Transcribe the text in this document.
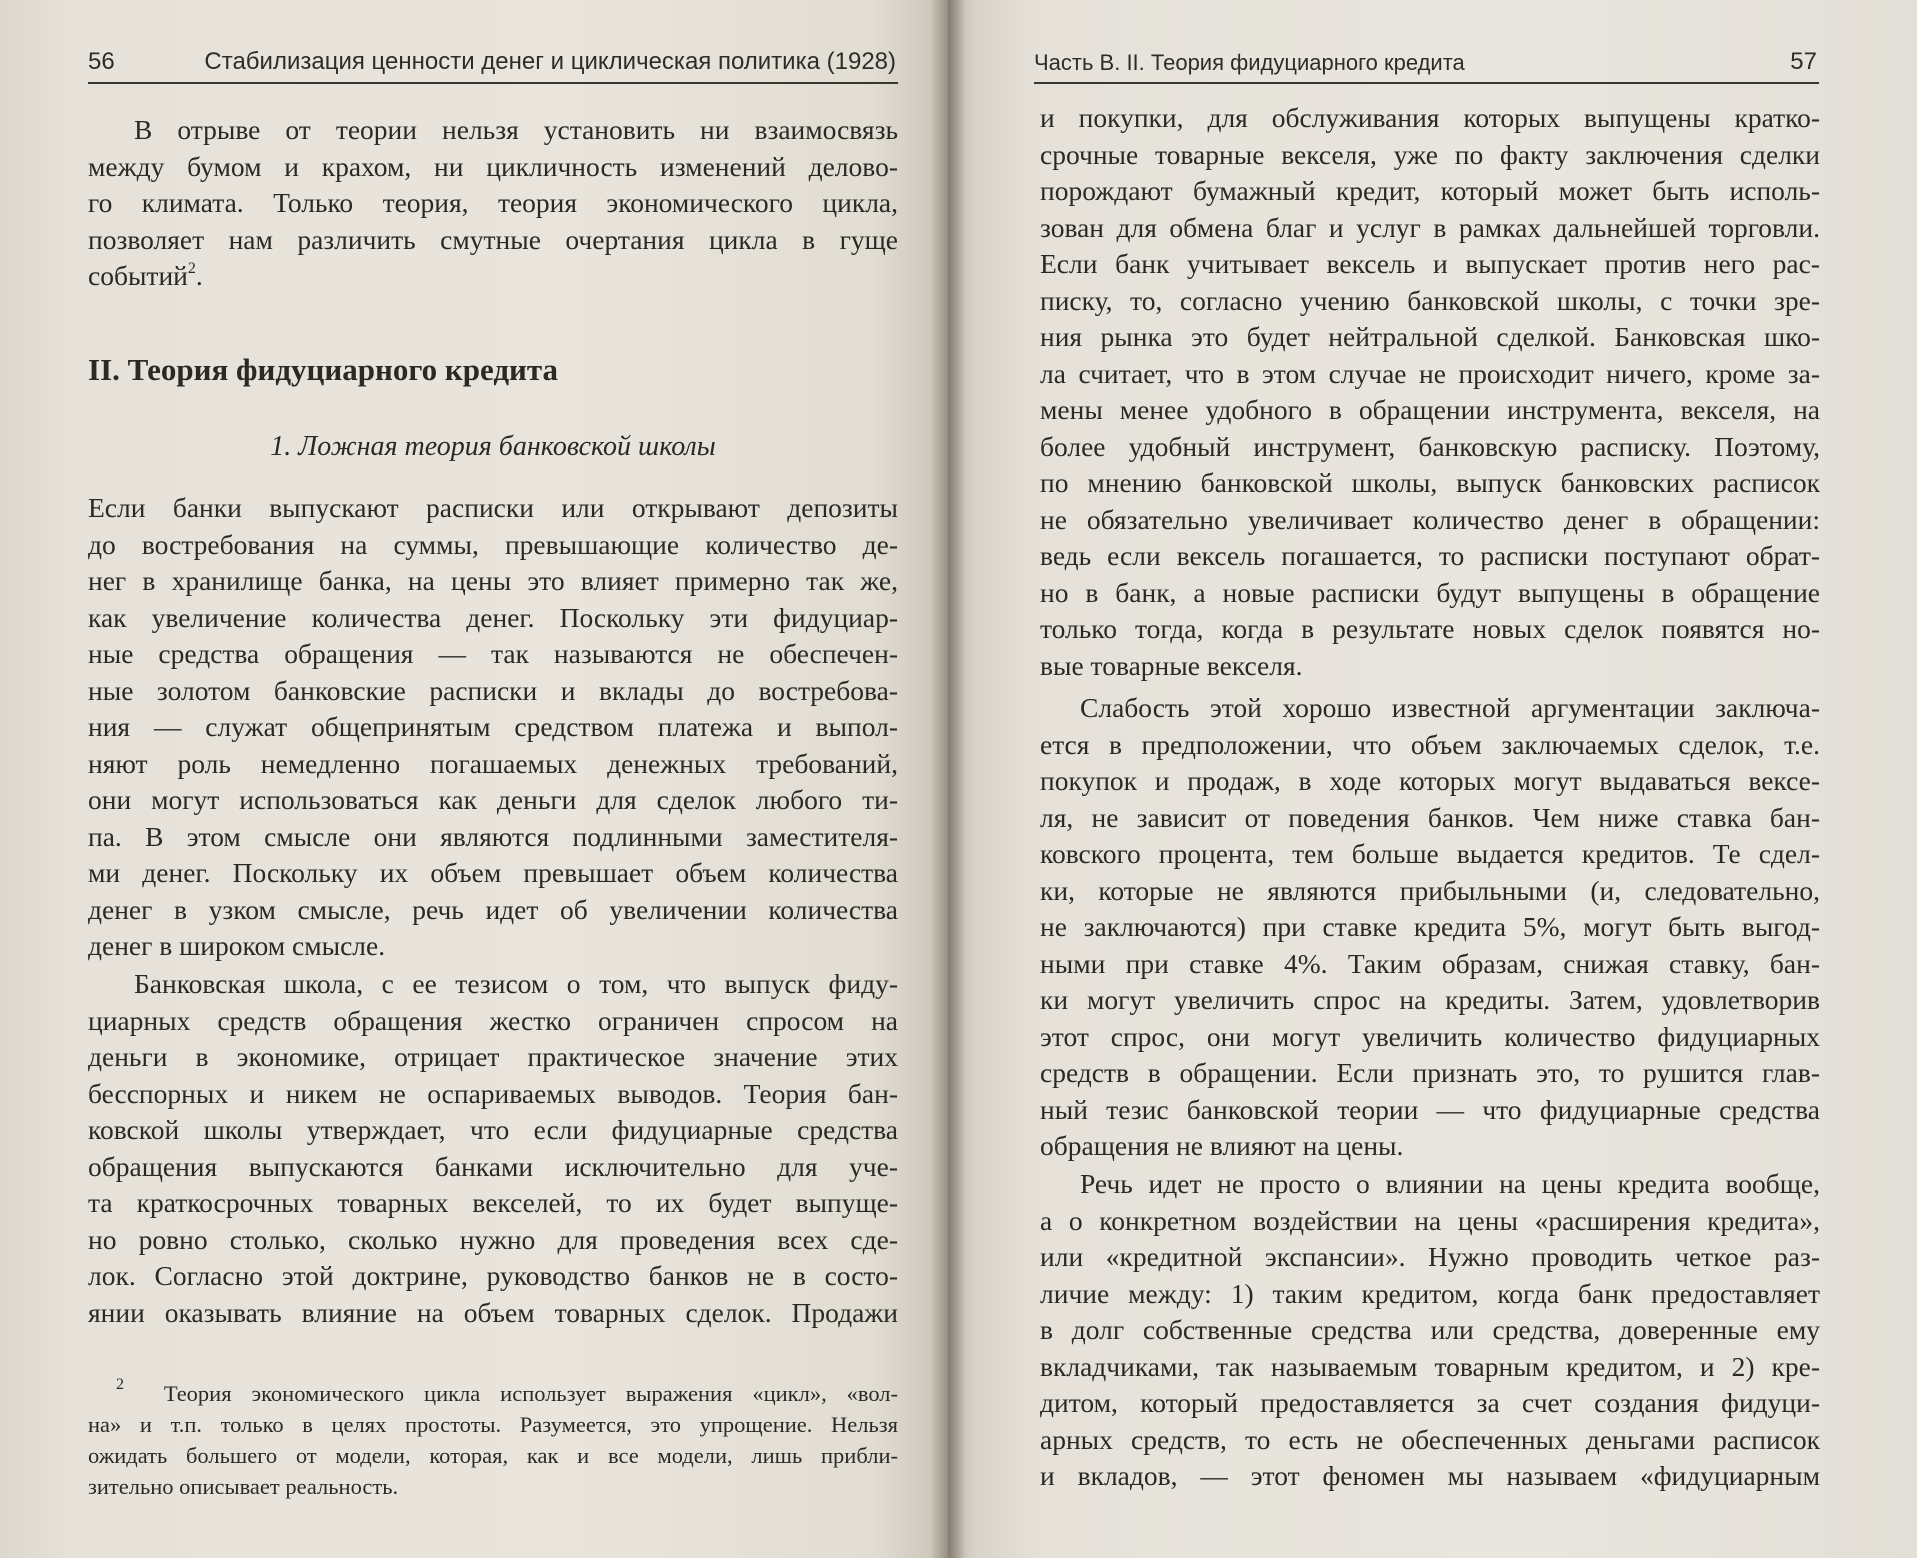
56	Стабилизация ценности денег и циклическая политика (1928)
В отрыве от теории нельзя установить ни взаимосвязь
между бумом и крахом, ни цикличность изменений делово-
го климата. Только теория, теория экономического цикла,
позволяет нам различить смутные очертания цикла в гуще
событий$^2$.
II. Теория фидуциарного кредита
1. Ложная теория банковской школы
Если банки выпускают расписки или открывают депозиты
до востребования на суммы, превышающие количество де-
нег в хранилище банка, на цены это влияет примерно так же,
как увеличение количества денег. Поскольку эти фидуциар-
ные средства обращения — так называются не обеспечен-
ные золотом банковские расписки и вклады до востребова-
ния — служат общепринятым средством платежа и выпол-
няют роль немедленно погашаемых денежных требований,
они могут использоваться как деньги для сделок любого ти-
па. В этом смысле они являются подлинными заместителя-
ми денег. Поскольку их объем превышает объем количества
денег в узком смысле, речь идет об увеличении количества
денег в широком смысле.
Банковская школа, с ее тезисом о том, что выпуск фиду-
циарных средств обращения жестко ограничен спросом на
деньги в экономике, отрицает практическое значение этих
бесспорных и никем не оспариваемых выводов. Теория бан-
ковской школы утверждает, что если фидуциарные средства
обращения выпускаются банками исключительно для уче-
та краткосрочных товарных векселей, то их будет выпуще-
но ровно столько, сколько нужно для проведения всех сде-
лок. Согласно этой доктрине, руководство банков не в состо-
янии оказывать влияние на объем товарных сделок. Продажи
$^2$ Теория экономического цикла использует выражения «цикл», «вол-
на» и т.п. только в целях простоты. Разумеется, это упрощение. Нельзя
ожидать большего от модели, которая, как и все модели, лишь прибли-
зительно описывает реальность.
Часть В. II. Теория фидуциарного кредита	57
и покупки, для обслуживания которых выпущены кратко-
срочные товарные векселя, уже по факту заключения сделки
порождают бумажный кредит, который может быть исполь-
зован для обмена благ и услуг в рамках дальнейшей торговли.
Если банк учитывает вексель и выпускает против него рас-
писку, то, согласно учению банковской школы, с точки зре-
ния рынка это будет нейтральной сделкой. Банковская шко-
ла считает, что в этом случае не происходит ничего, кроме за-
мены менее удобного в обращении инструмента, векселя, на
более удобный инструмент, банковскую расписку. Поэтому,
по мнению банковской школы, выпуск банковских расписок
не обязательно увеличивает количество денег в обращении:
ведь если вексель погашается, то расписки поступают обрат-
но в банк, а новые расписки будут выпущены в обращение
только тогда, когда в результате новых сделок появятся но-
вые товарные векселя.
Слабость этой хорошо известной аргументации заключа-
ется в предположении, что объем заключаемых сделок, т.е.
покупок и продаж, в ходе которых могут выдаваться вексе-
ля, не зависит от поведения банков. Чем ниже ставка бан-
ковского процента, тем больше выдается кредитов. Те сдел-
ки, которые не являются прибыльными (и, следовательно,
не заключаются) при ставке кредита 5%, могут быть выгод-
ными при ставке 4%. Таким образам, снижая ставку, бан-
ки могут увеличить спрос на кредиты. Затем, удовлетворив
этот спрос, они могут увеличить количество фидуциарных
средств в обращении. Если признать это, то рушится глав-
ный тезис банковской теории — что фидуциарные средства
обращения не влияют на цены.
Речь идет не просто о влиянии на цены кредита вообще,
а о конкретном воздействии на цены «расширения кредита»,
или «кредитной экспансии». Нужно проводить четкое раз-
личие между: 1) таким кредитом, когда банк предоставляет
в долг собственные средства или средства, доверенные ему
вкладчиками, так называемым товарным кредитом, и 2) кре-
дитом, который предоставляется за счет создания фидуци-
арных средств, то есть не обеспеченных деньгами расписок
и вкладов, — этот феномен мы называем «фидуциарным
